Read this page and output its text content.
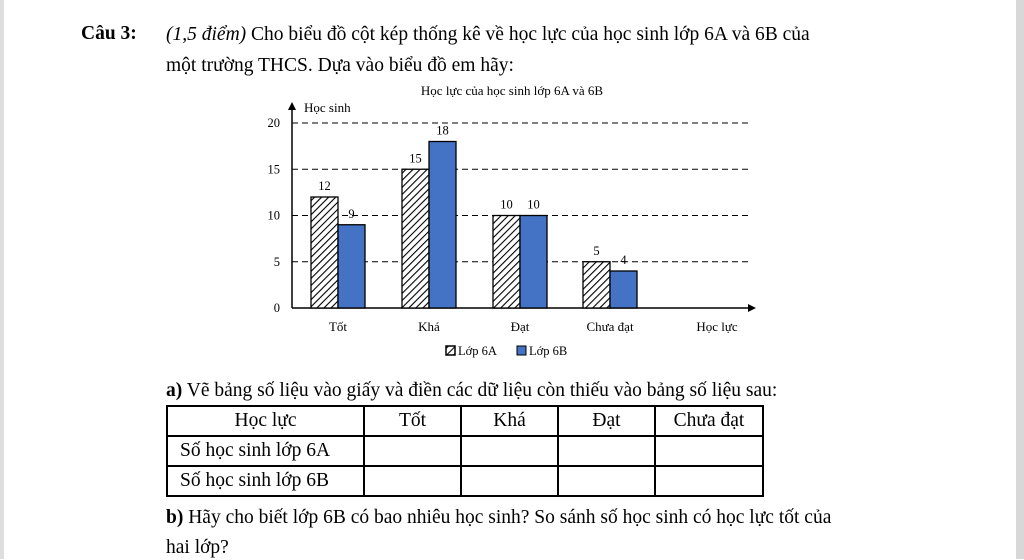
Câu 3: (1,5 điểm) Cho biểu đồ cột kép thống kê về học lực của học sinh lớp 6A và 6B của
một trường THCS. Dựa vào biểu đồ em hãy:
Học lực của học sinh lớp 6A và 6B
0
5
10
15
20
Học sinh
Học lực
12
9
Tốt
15
18
Khá
10 10
Đạt
5
4
Chưa đạt
Lớp 6A	Lớp 6B
a) Vẽ bảng số liệu vào giấy và điền các dữ liệu còn thiếu vào bảng số liệu sau:
Học lực	Tốt	Khá	Đạt	Chưa đạt
Số học sinh lớp 6A				
Số học sinh lớp 6B				
b) Hãy cho biết lớp 6B có bao nhiêu học sinh? So sánh số học sinh có học lực tốt của
hai lớp?
